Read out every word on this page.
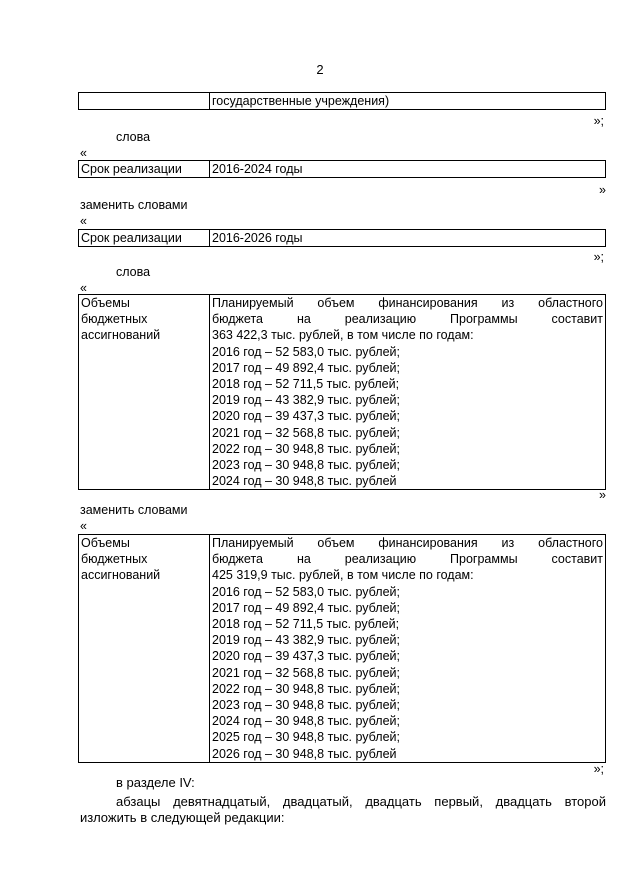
2
	государственные учреждения)
»;
слова
«
Срок реализации	2016-2024 годы
»
заменить словами
«
Срок реализации	2016-2026 годы
»;
слова
«
Объемы
бюджетных
ассигнований

Планируемый объем финансирования из областного
бюджета на реализацию Программы составит
363 422,3 тыс. рублей, в том числе по годам:
2016 год – 52 583,0 тыс. рублей;
2017 год – 49 892,4 тыс. рублей;
2018 год – 52 711,5 тыс. рублей;
2019 год – 43 382,9 тыс. рублей;
2020 год – 39 437,3 тыс. рублей;
2021 год – 32 568,8 тыс. рублей;
2022 год – 30 948,8 тыс. рублей;
2023 год – 30 948,8 тыс. рублей;
2024 год – 30 948,8 тыс. рублей
»
заменить словами
«
Объемы
бюджетных
ассигнований

Планируемый объем финансирования из областного
бюджета на реализацию Программы составит
425 319,9 тыс. рублей, в том числе по годам:
2016 год – 52 583,0 тыс. рублей;
2017 год – 49 892,4 тыс. рублей;
2018 год – 52 711,5 тыс. рублей;
2019 год – 43 382,9 тыс. рублей;
2020 год – 39 437,3 тыс. рублей;
2021 год – 32 568,8 тыс. рублей;
2022 год – 30 948,8 тыс. рублей;
2023 год – 30 948,8 тыс. рублей;
2024 год – 30 948,8 тыс. рублей;
2025 год – 30 948,8 тыс. рублей;
2026 год – 30 948,8 тыс. рублей
»;
в разделе IV:
абзацы девятнадцатый, двадцатый, двадцать первый, двадцать второй
изложить в следующей редакции:
